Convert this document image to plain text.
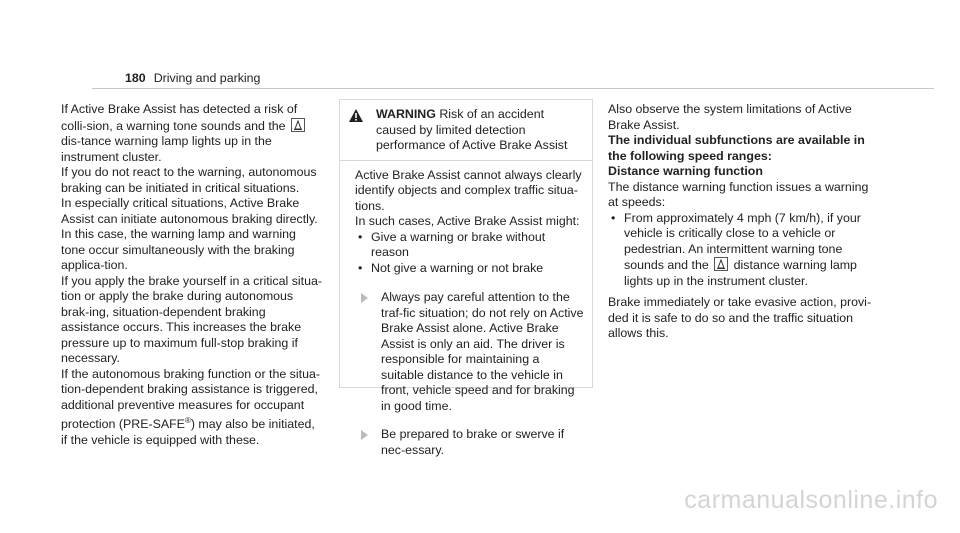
180 Driving and parking

If Active Brake Assist has detected a risk of colli-sion, a warning tone sounds and the
dis-tance warning lamp lights up in the instrument cluster.

If you do not react to the warning, autonomous braking can be initiated in critical situations.

In especially critical situations, Active Brake Assist can initiate autonomous braking directly. In this case, the warning lamp and warning tone occur simultaneously with the braking applica-tion.

If you apply the brake yourself in a critical situa-tion or apply the brake during autonomous brak-ing, situation-dependent braking assistance occurs. This increases the brake pressure up to maximum full-stop braking if necessary.

If the autonomous braking function or the situa-tion-dependent braking assistance is triggered, additional preventive measures for occupant protection (PRE-SAFE®) may also be initiated, if the vehicle is equipped with these.

WARNING Risk of an accident caused by limited detection performance of Active Brake Assist

Active Brake Assist cannot always clearly identify objects and complex traffic situa-tions.

In such cases, Active Brake Assist might:

• Give a warning or brake without reason
• Not give a warning or not brake
Always pay careful attention to the traf-fic situation; do not rely on Active Brake Assist alone. Active Brake Assist is only an aid. The driver is responsible for maintaining a suitable distance to the vehicle in front, vehicle speed and for braking in good time.
Be prepared to brake or swerve if nec-essary.

Also observe the system limitations of Active Brake Assist.

The individual subfunctions are available in the following speed ranges:

Distance warning function

The distance warning function issues a warning at speeds:

• From approximately 4 mph (7 km/h), if your vehicle is critically close to a vehicle or pedestrian. An intermittent warning tone sounds and the distance warning lamp lights up in the instrument cluster.

Brake immediately or take evasive action, provi-ded it is safe to do so and the traffic situation allows this.

carmanualsonline.info
